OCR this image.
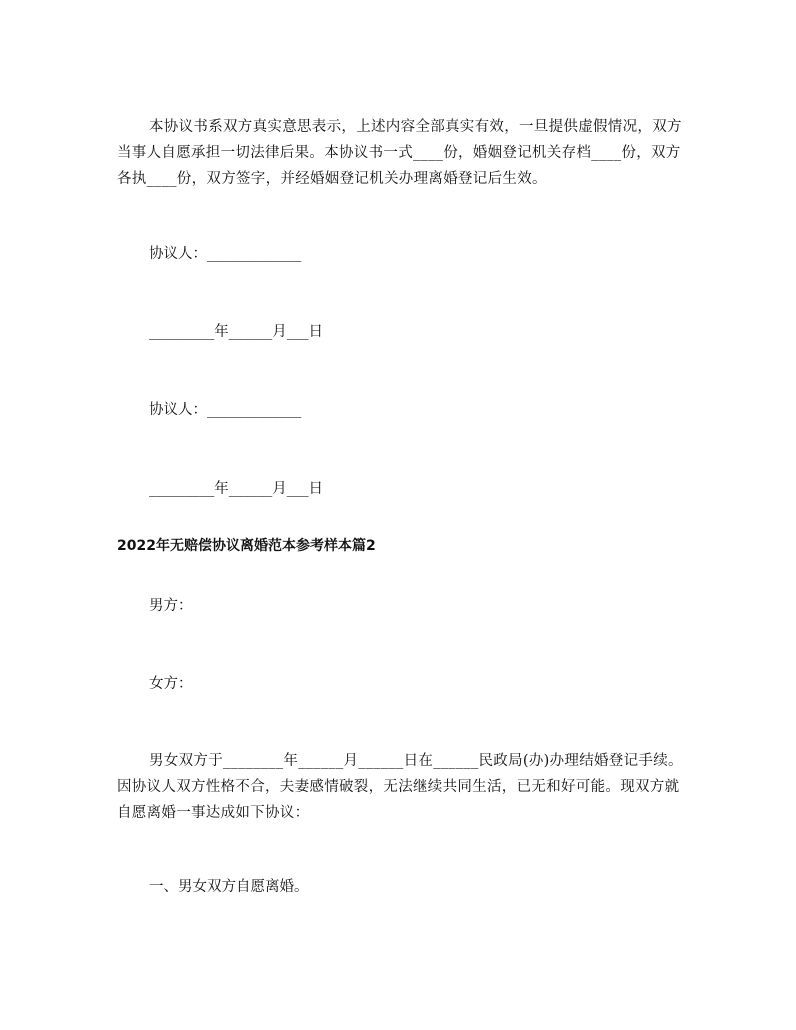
本协议书系双方真实意思表示，上述内容全部真实有效，一旦提供虚假情况，双方当事人自愿承担一切法律后果。本协议书一式____份，婚姻登记机关存档____份，双方各执____份，双方签字，并经婚姻登记机关办理离婚登记后生效。

协议人：_____________

_________年______月___日

协议人：_____________

_________年______月___日

2022年无赔偿协议离婚范本参考样本篇2

男方：

女方：

男女双方于________年______月______日在______民政局(办)办理结婚登记手续。因协议人双方性格不合，夫妻感情破裂，无法继续共同生活，已无和好可能。现双方就自愿离婚一事达成如下协议：

一、男女双方自愿离婚。
